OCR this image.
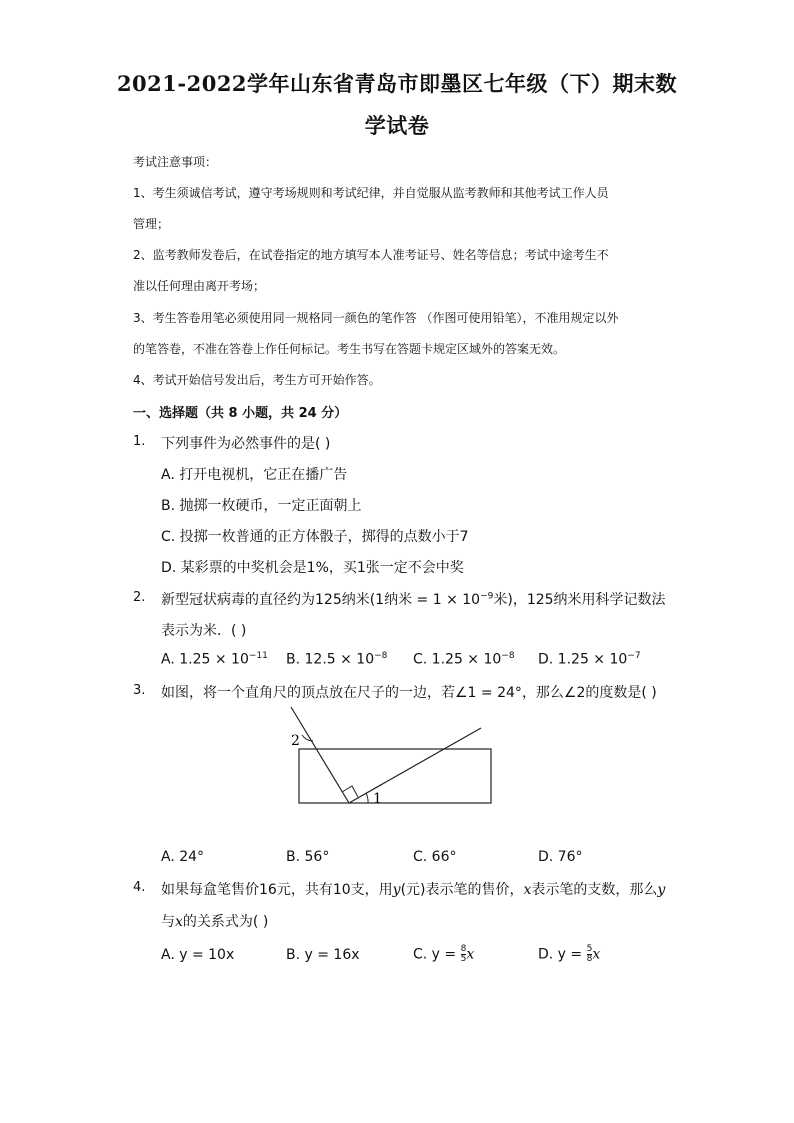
2021-2022学年山东省青岛市即墨区七年级（下）期末数
学试卷
考试注意事项：
1、考生须诚信考试，遵守考场规则和考试纪律，并自觉服从监考教师和其他考试工作人员
管理；
2、监考教师发卷后，在试卷指定的地方填写本人准考证号、姓名等信息；考试中途考生不
准以任何理由离开考场；
3、考生答卷用笔必须使用同一规格同一颜色的笔作答 （作图可使用铅笔），不准用规定以外
的笔答卷，不准在答卷上作任何标记。考生书写在答题卡规定区域外的答案无效。
4、考试开始信号发出后，考生方可开始作答。
一、选择题（共 8 小题，共 24 分）
1. 下列事件为必然事件的是( )
A. 打开电视机，它正在播广告
B. 抛掷一枚硬币，一定正面朝上
C. 投掷一枚普通的正方体骰子，掷得的点数小于7
D. 某彩票的中奖机会是1%，买1张一定不会中奖
2. 新型冠状病毒的直径约为125纳米(1纳米 = $1 \times 10^{-9}$米)，125纳米用科学记数法
表示为米．( )
A. $1.25 \times 10^{-11}$ B. $12.5 \times 10^{-8}$ C. $1.25 \times 10^{-8}$ D. $1.25 \times 10^{-7}$
3. 如图，将一个直角尺的顶点放在尺子的一边，若∠1 = 24°，那么∠2的度数是( )
1
2
A. 24°	B. 56°	C. 66°	D. 76°
4. 如果每盒笔售价16元，共有10支，用y(元)表示笔的售价，x表示笔的支数，那么y
与x的关系式为( )
A. y = 10x	B. y = 16x	C. $y = \frac{8}{5}$ x	D. $y = \frac{5}{8}$ x
